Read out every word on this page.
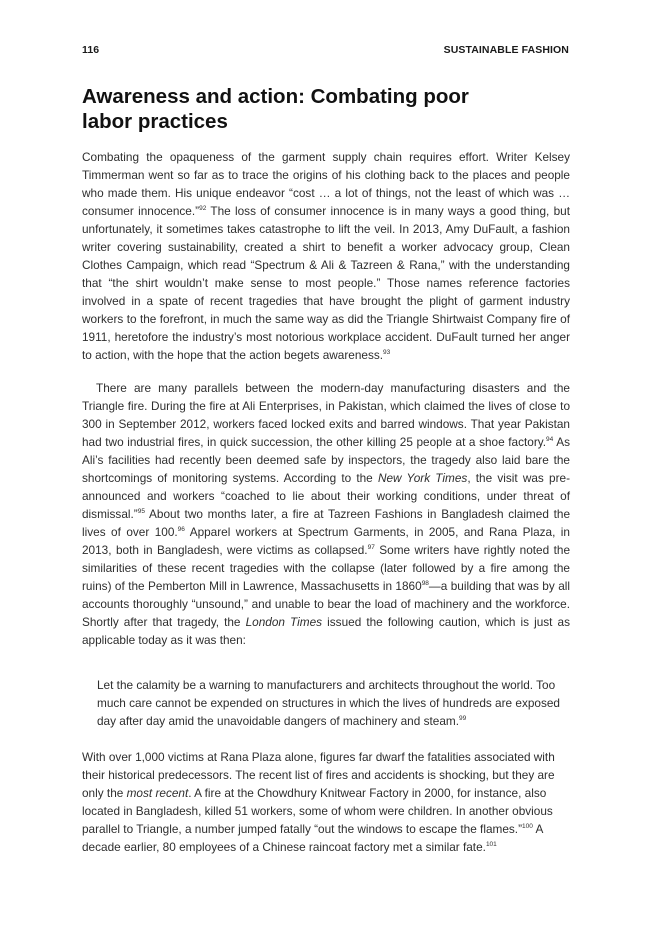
116	SUSTAINABLE FASHION
Awareness and action: Combating poor
labor practices

Combating the opaqueness of the garment supply chain requires effort. Writer Kelsey Timmerman went so far as to trace the origins of his clothing back to the places and people who made them. His unique endeavor “cost … a lot of things, not the least of which was … consumer innocence.”$^{92}$ The loss of consumer innocence is in many ways a good thing, but unfortunately, it sometimes takes catastrophe to lift the veil. In 2013, Amy DuFault, a fashion writer covering sustainability, created a shirt to benefit a worker advocacy group, Clean Clothes Campaign, which read “Spectrum & Ali & Tazreen & Rana,” with the understanding that “the shirt wouldn’t make sense to most people.” Those names reference factories involved in a spate of recent tragedies that have brought the plight of garment industry workers to the forefront, in much the same way as did the Triangle Shirtwaist Company fire of 1911, heretofore the industry’s most notorious workplace accident. DuFault turned her anger to action, with the hope that the action begets awareness.$^{93}$

There are many parallels between the modern-day manufacturing disasters and the Triangle fire. During the fire at Ali Enterprises, in Pakistan, which claimed the lives of close to 300 in September 2012, workers faced locked exits and barred windows. That year Pakistan had two industrial fires, in quick succession, the other killing 25 people at a shoe factory.$^{94}$ As Ali’s facilities had recently been deemed safe by inspectors, the tragedy also laid bare the shortcomings of monitoring systems. According to the New York Times, the visit was pre-announced and workers “coached to lie about their working conditions, under threat of dismissal.”$^{95}$ About two months later, a fire at Tazreen Fashions in Bangladesh claimed the lives of over 100.96 Apparel workers at Spectrum Garments, in 2005, and Rana Plaza, in 2013, both in Bangladesh, were victims as collapsed.$^{97}$ Some writers have rightly noted the similarities of these recent tragedies with the collapse (later followed by a fire among the ruins) of the Pemberton Mill in Lawrence, Massachusetts in 1860$^{98}$—a building that was by all accounts thoroughly “unsound,” and unable to bear the load of machinery and the workforce. Shortly after that tragedy, the London Times issued the following caution, which is just as applicable today as it was then:

Let the calamity be a warning to manufacturers and architects throughout the world. Too much care cannot be expended on structures in which the lives of hundreds are exposed day after day amid the unavoidable dangers of machinery and steam.$^{99}$

With over 1,000 victims at Rana Plaza alone, figures far dwarf the fatalities associated with their historical predecessors. The recent list of fires and accidents is shocking, but they are only the most recent. A fire at the Chowdhury Knitwear Factory in 2000, for instance, also located in Bangladesh, killed 51 workers, some of whom were children. In another obvious parallel to Triangle, a number jumped fatally “out the windows to escape the flames.”$^{100}$ A decade earlier, 80 employees of a Chinese raincoat factory met a similar fate.$^{101}$
